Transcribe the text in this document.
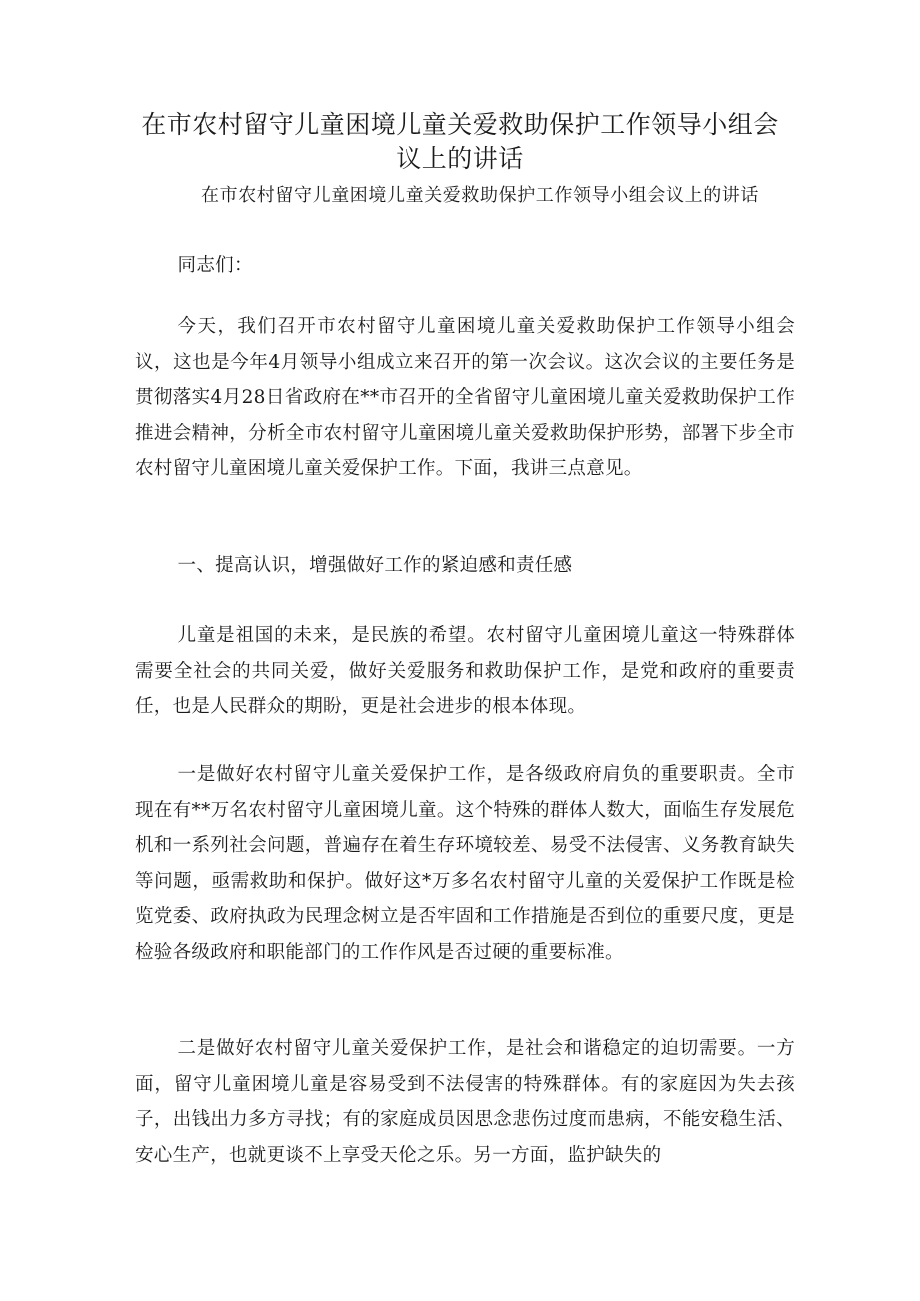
在市农村留守儿童困境儿童关爱救助保护工作领导小组会议上的讲话

在市农村留守儿童困境儿童关爱救助保护工作领导小组会议上的讲话

同志们：

今天，我们召开市农村留守儿童困境儿童关爱救助保护工作领导小组会议，这也是今年4月领导小组成立来召开的第一次会议。这次会议的主要任务是贯彻落实4月28日省政府在**市召开的全省留守儿童困境儿童关爱救助保护工作推进会精神，分析全市农村留守儿童困境儿童关爱救助保护形势，部署下步全市农村留守儿童困境儿童关爱保护工作。下面，我讲三点意见。

一、提高认识，增强做好工作的紧迫感和责任感

儿童是祖国的未来，是民族的希望。农村留守儿童困境儿童这一特殊群体需要全社会的共同关爱，做好关爱服务和救助保护工作，是党和政府的重要责任，也是人民群众的期盼，更是社会进步的根本体现。

一是做好农村留守儿童关爱保护工作，是各级政府肩负的重要职责。全市现在有**万名农村留守儿童困境儿童。这个特殊的群体人数大，面临生存发展危机和一系列社会问题，普遍存在着生存环境较差、易受不法侵害、义务教育缺失等问题，亟需救助和保护。做好这*万多名农村留守儿童的关爱保护工作既是检览党委、政府执政为民理念树立是否牢固和工作措施是否到位的重要尺度，更是检验各级政府和职能部门的工作作风是否过硬的重要标准。

二是做好农村留守儿童关爱保护工作，是社会和谐稳定的迫切需要。一方面，留守儿童困境儿童是容易受到不法侵害的特殊群体。有的家庭因为失去孩子，出钱出力多方寻找；有的家庭成员因思念悲伤过度而患病，不能安稳生活、安心生产，也就更谈不上享受天伦之乐。另一方面，监护缺失的
